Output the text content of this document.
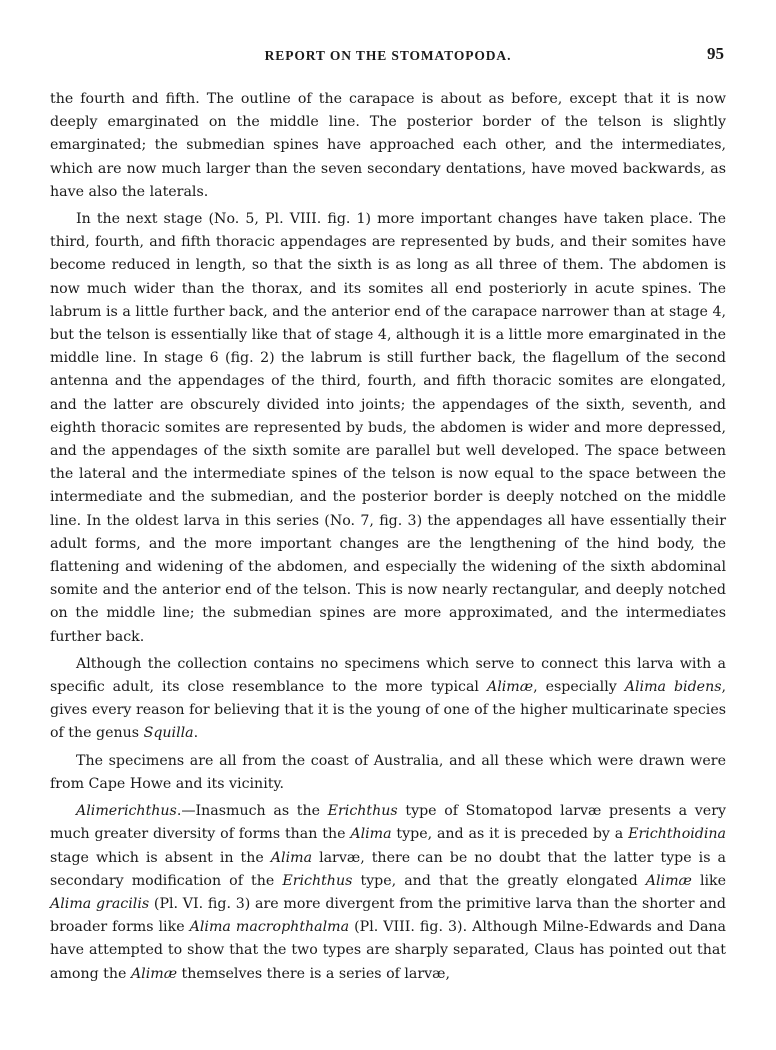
REPORT ON THE STOMATOPODA.	95

the fourth and fifth. The outline of the carapace is about as before, except that it is now deeply emarginated on the middle line. The posterior border of the telson is slightly emarginated; the submedian spines have approached each other, and the intermediates, which are now much larger than the seven secondary dentations, have moved backwards, as have also the laterals.

In the next stage (No. 5, Pl. VIII. fig. 1) more important changes have taken place. The third, fourth, and fifth thoracic appendages are represented by buds, and their somites have become reduced in length, so that the sixth is as long as all three of them. The abdomen is now much wider than the thorax, and its somites all end posteriorly in acute spines. The labrum is a little further back, and the anterior end of the carapace narrower than at stage 4, but the telson is essentially like that of stage 4, although it is a little more emarginated in the middle line. In stage 6 (fig. 2) the labrum is still further back, the flagellum of the second antenna and the appendages of the third, fourth, and fifth thoracic somites are elongated, and the latter are obscurely divided into joints; the appendages of the sixth, seventh, and eighth thoracic somites are represented by buds, the abdomen is wider and more depressed, and the appendages of the sixth somite are parallel but well developed. The space between the lateral and the intermediate spines of the telson is now equal to the space between the intermediate and the submedian, and the posterior border is deeply notched on the middle line. In the oldest larva in this series (No. 7, fig. 3) the appendages all have essentially their adult forms, and the more important changes are the lengthening of the hind body, the flattening and widening of the abdomen, and especially the widening of the sixth abdominal somite and the anterior end of the telson. This is now nearly rectangular, and deeply notched on the middle line; the submedian spines are more approximated, and the intermediates further back.

Although the collection contains no specimens which serve to connect this larva with a specific adult, its close resemblance to the more typical Alimæ, especially Alima bidens, gives every reason for believing that it is the young of one of the higher multicarinate species of the genus Squilla.

The specimens are all from the coast of Australia, and all these which were drawn were from Cape Howe and its vicinity.

Alimerichthus.—Inasmuch as the Erichthus type of Stomatopod larvæ presents a very much greater diversity of forms than the Alima type, and as it is preceded by a Erichthoidina stage which is absent in the Alima larvæ, there can be no doubt that the latter type is a secondary modification of the Erichthus type, and that the greatly elongated Alimæ like Alima gracilis (Pl. VI. fig. 3) are more divergent from the primitive larva than the shorter and broader forms like Alima macrophthalma (Pl. VIII. fig. 3). Although Milne-Edwards and Dana have attempted to show that the two types are sharply separated, Claus has pointed out that among the Alimæ themselves there is a series of larvæ,
